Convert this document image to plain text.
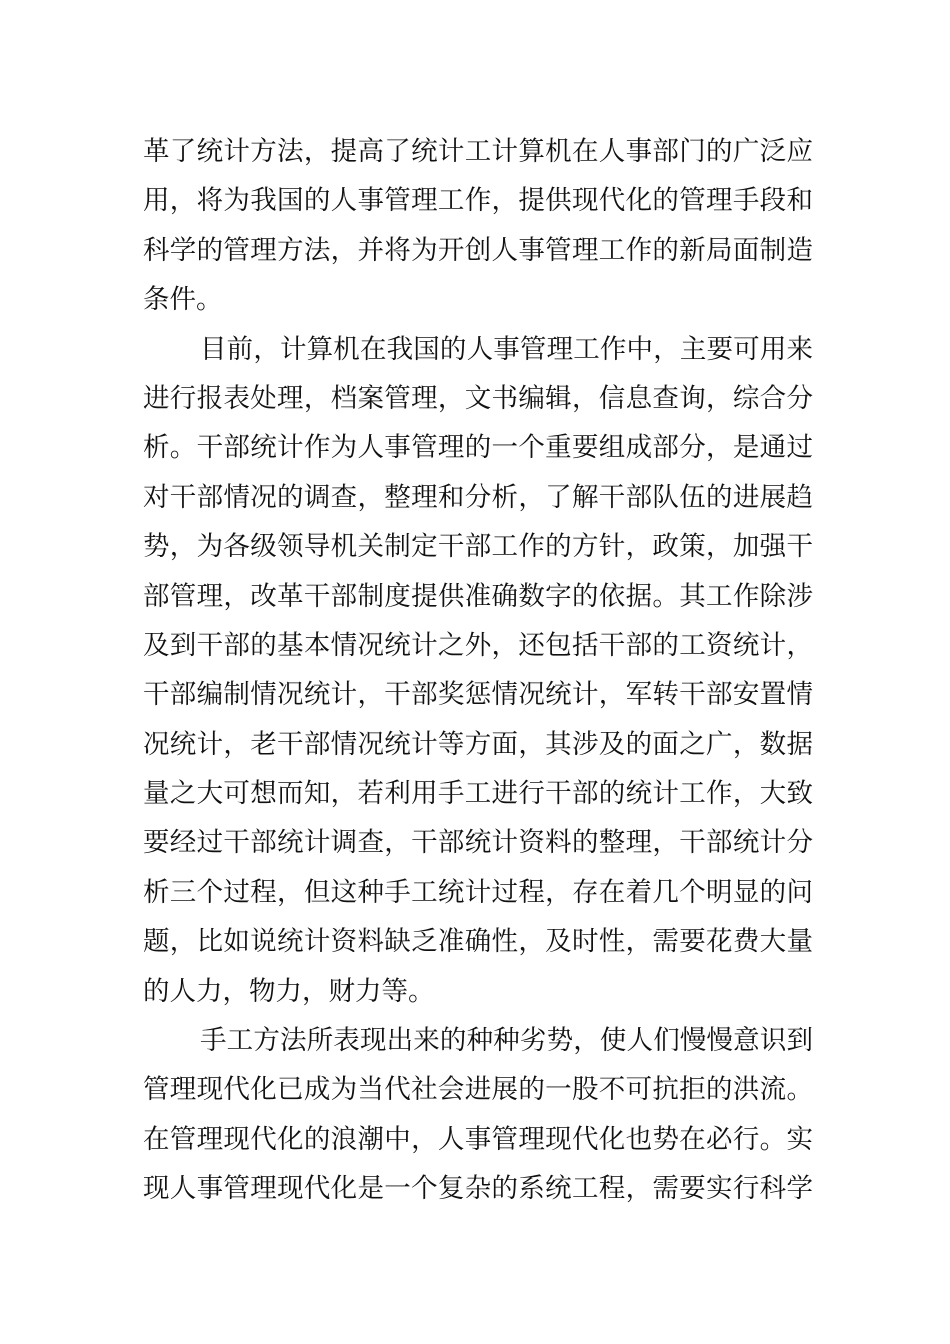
革了统计方法，提高了统计工计算机在人事部门的广泛应
用，将为我国的人事管理工作，提供现代化的管理手段和
科学的管理方法，并将为开创人事管理工作的新局面制造
条件。
目前，计算机在我国的人事管理工作中，主要可用来
进行报表处理，档案管理，文书编辑，信息查询，综合分
析。干部统计作为人事管理的一个重要组成部分，是通过
对干部情况的调查，整理和分析，了解干部队伍的进展趋
势，为各级领导机关制定干部工作的方针，政策，加强干
部管理，改革干部制度提供准确数字的依据。其工作除涉
及到干部的基本情况统计之外，还包括干部的工资统计，
干部编制情况统计，干部奖惩情况统计，军转干部安置情
况统计，老干部情况统计等方面，其涉及的面之广，数据
量之大可想而知，若利用手工进行干部的统计工作，大致
要经过干部统计调查，干部统计资料的整理，干部统计分
析三个过程，但这种手工统计过程，存在着几个明显的问
题，比如说统计资料缺乏准确性，及时性，需要花费大量
的人力，物力，财力等。
手工方法所表现出来的种种劣势，使人们慢慢意识到
管理现代化已成为当代社会进展的一股不可抗拒的洪流。
在管理现代化的浪潮中，人事管理现代化也势在必行。实
现人事管理现代化是一个复杂的系统工程，需要实行科学
